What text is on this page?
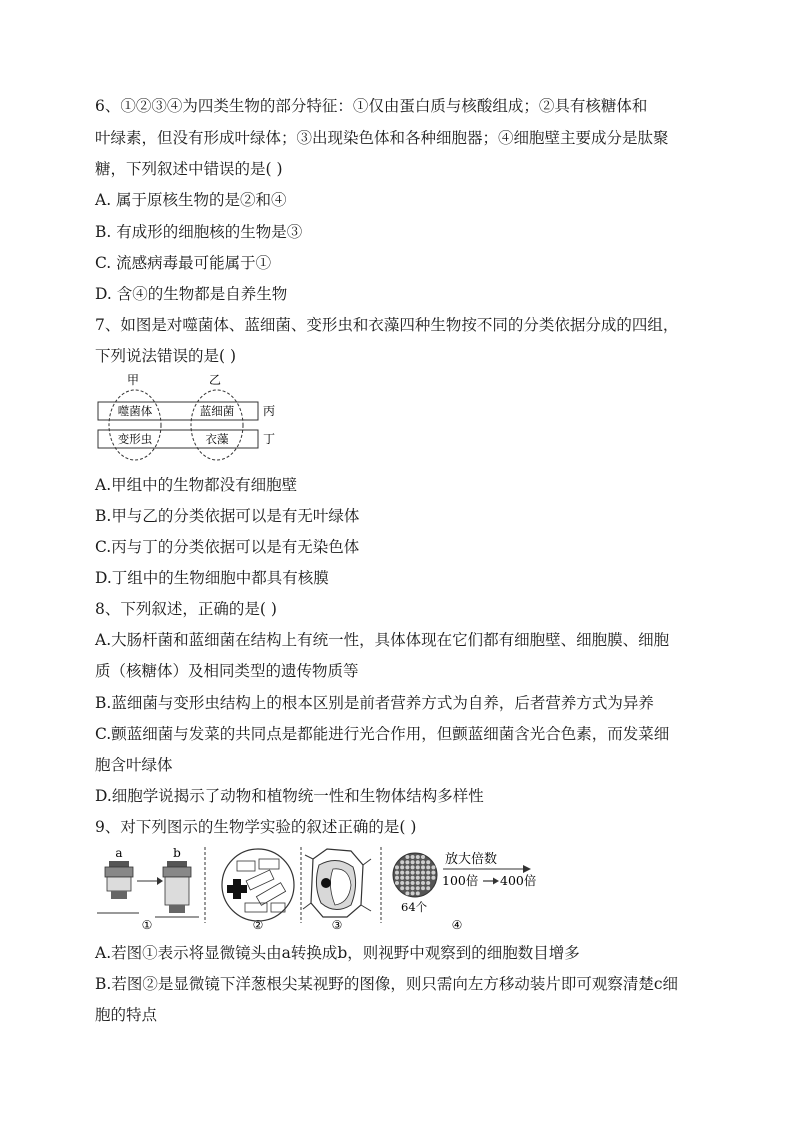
6、①②③④为四类生物的部分特征：①仅由蛋白质与核酸组成；②具有核糖体和
叶绿素，但没有形成叶绿体；③出现染色体和各种细胞器；④细胞壁主要成分是肽聚
糖，下列叙述中错误的是( )
A. 属于原核生物的是②和④
B. 有成形的细胞核的生物是③
C. 流感病毒最可能属于①
D. 含④的生物都是自养生物
7、如图是对噬菌体、蓝细菌、变形虫和衣藻四种生物按不同的分类依据分成的四组，
下列说法错误的是( )
甲	乙
噬菌体	蓝细菌
变形虫	衣藻
丙
丁
A.甲组中的生物都没有细胞壁
B.甲与乙的分类依据可以是有无叶绿体
C.丙与丁的分类依据可以是有无染色体
D.丁组中的生物细胞中都具有核膜
8、下列叙述，正确的是( )
A.大肠杆菌和蓝细菌在结构上有统一性，具体体现在它们都有细胞壁、细胞膜、细胞
质（核糖体）及相同类型的遗传物质等
B.蓝细菌与变形虫结构上的根本区别是前者营养方式为自养，后者营养方式为异养
C.颤蓝细菌与发菜的共同点是都能进行光合作用，但颤蓝细菌含光合色素，而发菜细
胞含叶绿体
D.细胞学说揭示了动物和植物统一性和生物体结构多样性
9、对下列图示的生物学实验的叙述正确的是( )
a	b
①	②	③
64个
放大倍数
100倍 400倍
④
A.若图①表示将显微镜头由a转换成b，则视野中观察到的细胞数目增多
B.若图②是显微镜下洋葱根尖某视野的图像，则只需向左方移动装片即可观察清楚c细
胞的特点
